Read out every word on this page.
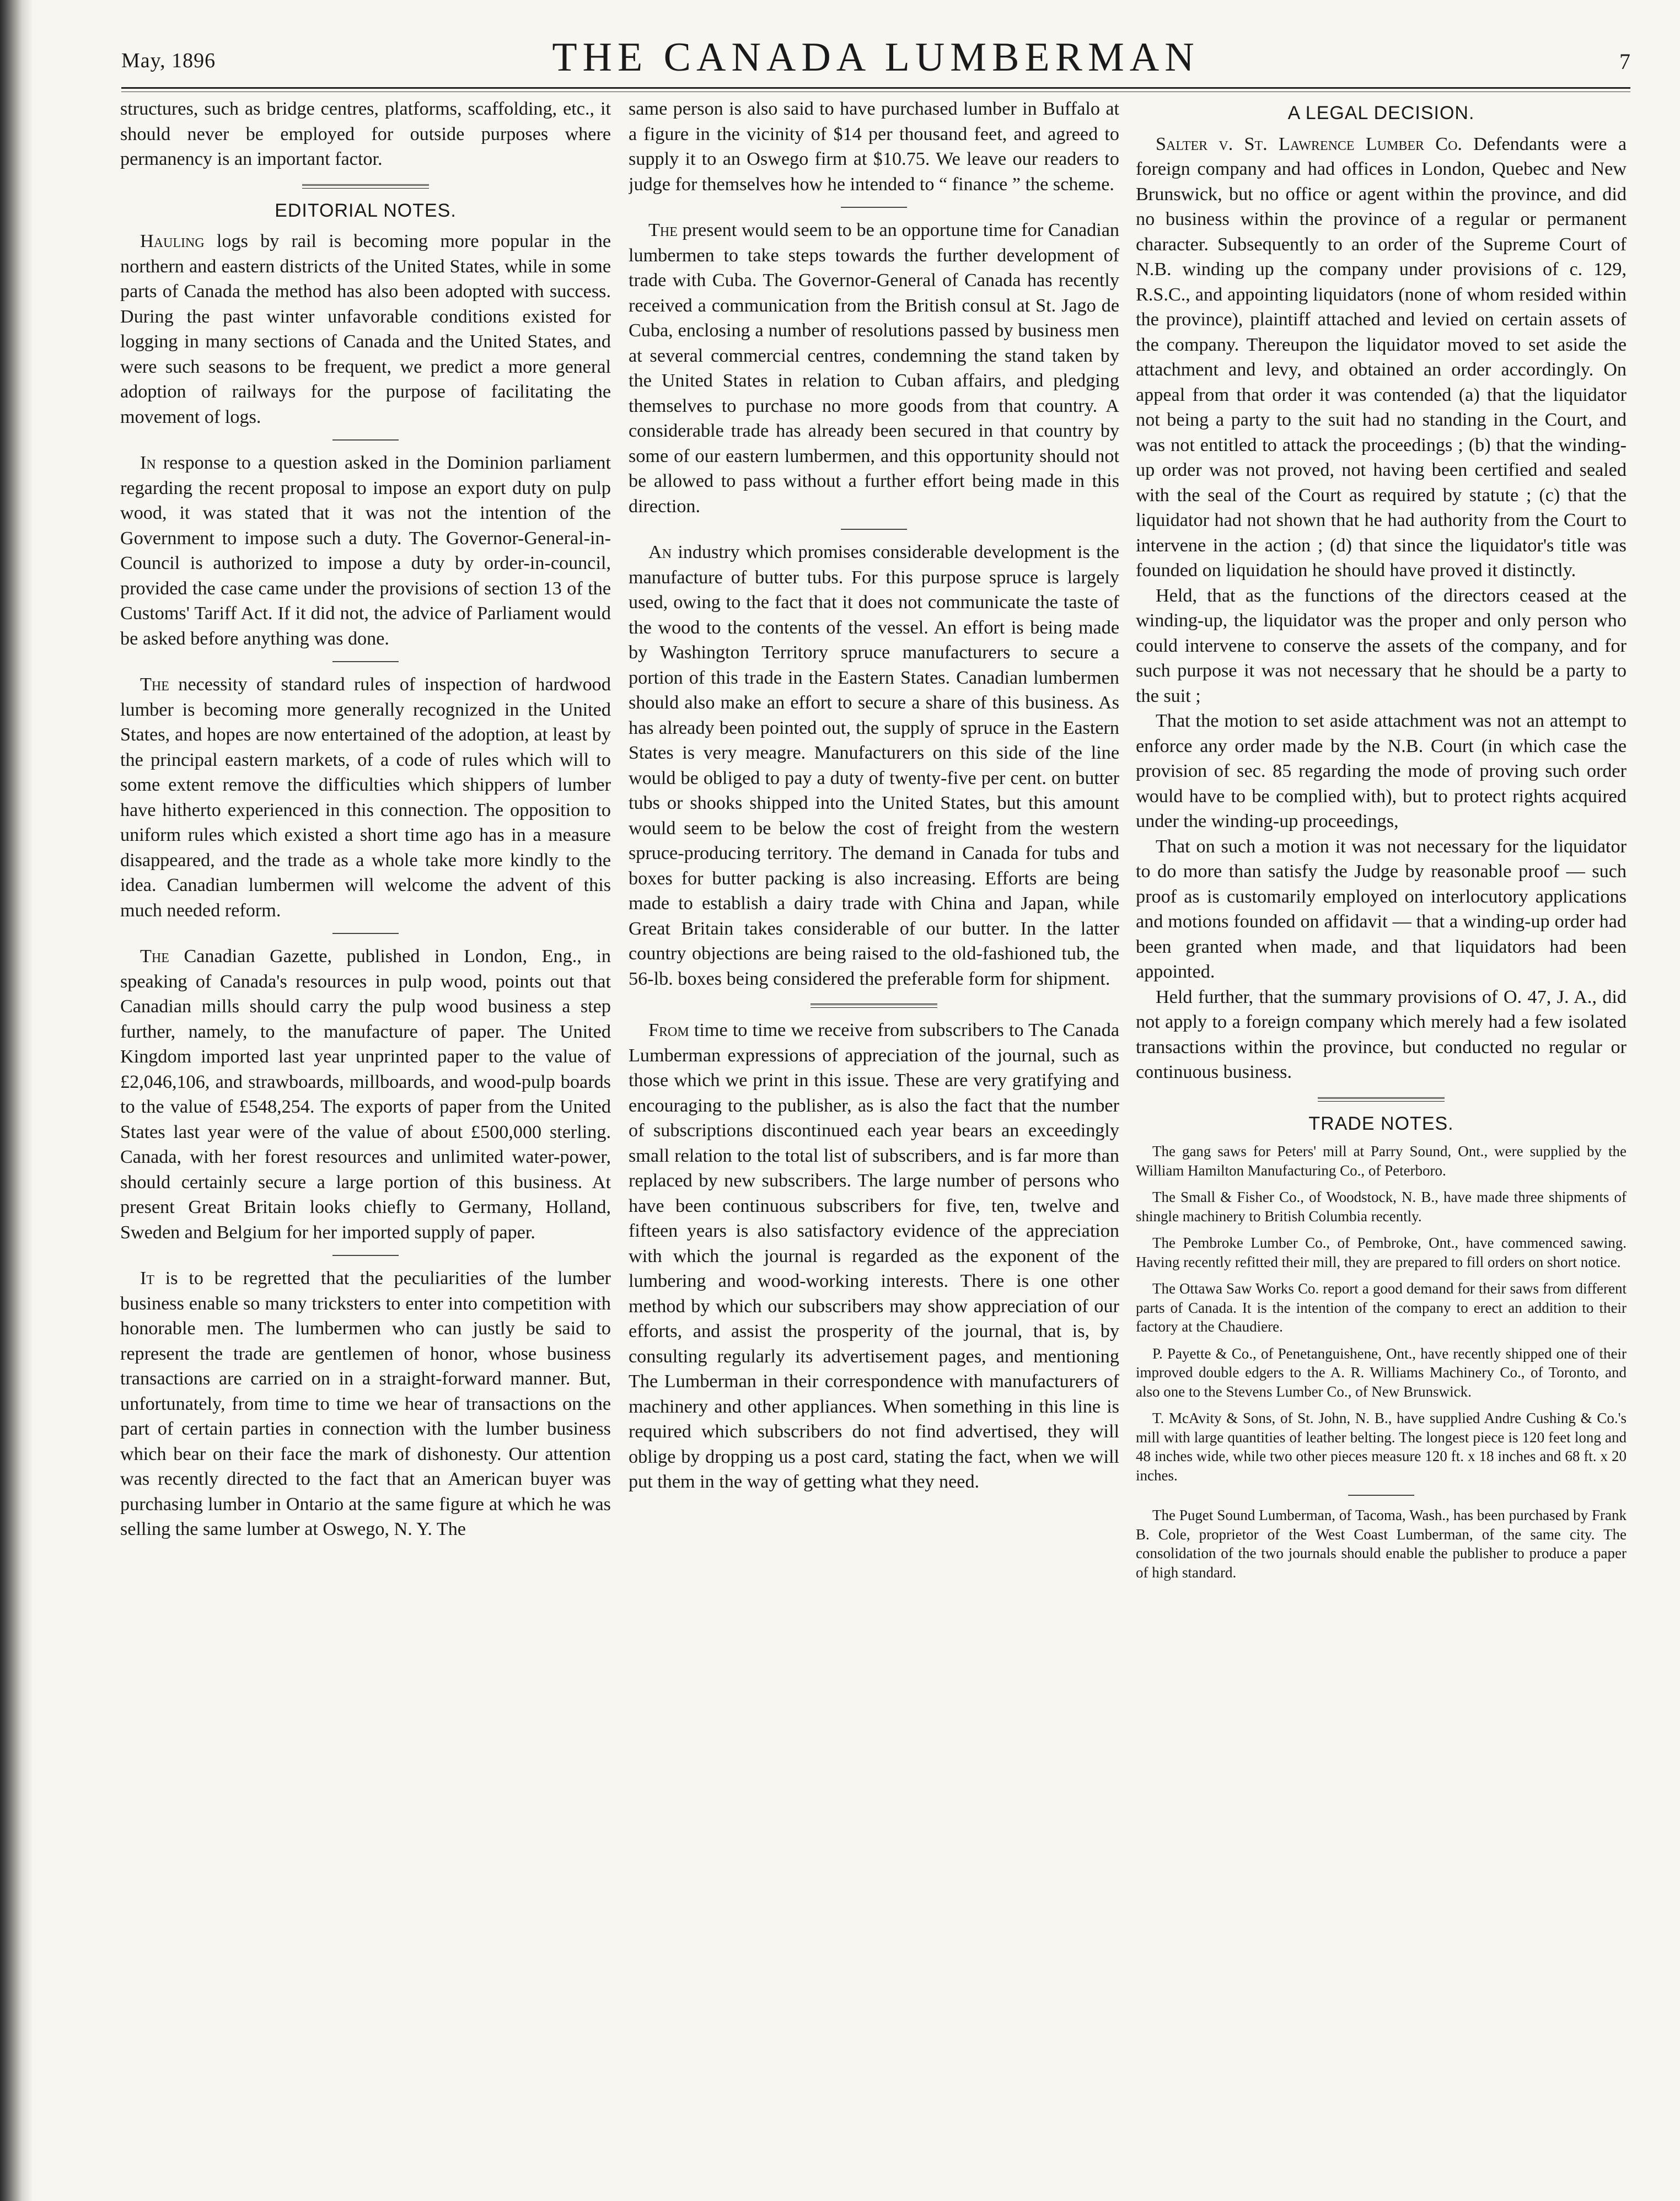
May, 1896	THE CANADA LUMBERMAN	7

structures, such as bridge centres, platforms, scaffolding, etc., it should never be employed for outside purposes where permanency is an important factor.

EDITORIAL NOTES.

Hauling logs by rail is becoming more popular in the northern and eastern districts of the United States, while in some parts of Canada the method has also been adopted with success. During the past winter unfavorable conditions existed for logging in many sections of Canada and the United States, and were such seasons to be frequent, we predict a more general adoption of railways for the purpose of facilitating the movement of logs.

In response to a question asked in the Dominion parliament regarding the recent proposal to impose an export duty on pulp wood, it was stated that it was not the intention of the Government to impose such a duty. The Governor-General-in-Council is authorized to impose a duty by order-in-council, provided the case came under the provisions of section 13 of the Customs' Tariff Act. If it did not, the advice of Parliament would be asked before anything was done.

The necessity of standard rules of inspection of hardwood lumber is becoming more generally recognized in the United States, and hopes are now entertained of the adoption, at least by the principal eastern markets, of a code of rules which will to some extent remove the difficulties which shippers of lumber have hitherto experienced in this connection. The opposition to uniform rules which existed a short time ago has in a measure disappeared, and the trade as a whole take more kindly to the idea. Canadian lumbermen will welcome the advent of this much needed reform.

The Canadian Gazette, published in London, Eng., in speaking of Canada's resources in pulp wood, points out that Canadian mills should carry the pulp wood business a step further, namely, to the manufacture of paper. The United Kingdom imported last year unprinted paper to the value of £2,046,106, and strawboards, millboards, and wood-pulp boards to the value of £548,254. The exports of paper from the United States last year were of the value of about £500,000 sterling. Canada, with her forest resources and unlimited water-power, should certainly secure a large portion of this business. At present Great Britain looks chiefly to Germany, Holland, Sweden and Belgium for her imported supply of paper.

It is to be regretted that the peculiarities of the lumber business enable so many tricksters to enter into competition with honorable men. The lumbermen who can justly be said to represent the trade are gentlemen of honor, whose business transactions are carried on in a straight-forward manner. But, unfortunately, from time to time we hear of transactions on the part of certain parties in connection with the lumber business which bear on their face the mark of dishonesty. Our attention was recently directed to the fact that an American buyer was purchasing lumber in Ontario at the same figure at which he was selling the same lumber at Oswego, N. Y. The

same person is also said to have purchased lumber in Buffalo at a figure in the vicinity of $14 per thousand feet, and agreed to supply it to an Oswego firm at $10.75. We leave our readers to judge for themselves how he intended to “ finance ” the scheme.

The present would seem to be an opportune time for Canadian lumbermen to take steps towards the further development of trade with Cuba. The Governor-General of Canada has recently received a communication from the British consul at St. Jago de Cuba, enclosing a number of resolutions passed by business men at several commercial centres, condemning the stand taken by the United States in relation to Cuban affairs, and pledging themselves to purchase no more goods from that country. A considerable trade has already been secured in that country by some of our eastern lumbermen, and this opportunity should not be allowed to pass without a further effort being made in this direction.

An industry which promises considerable development is the manufacture of butter tubs. For this purpose spruce is largely used, owing to the fact that it does not communicate the taste of the wood to the contents of the vessel. An effort is being made by Washington Territory spruce manufacturers to secure a portion of this trade in the Eastern States. Canadian lumbermen should also make an effort to secure a share of this business. As has already been pointed out, the supply of spruce in the Eastern States is very meagre. Manufacturers on this side of the line would be obliged to pay a duty of twenty-five per cent. on butter tubs or shooks shipped into the United States, but this amount would seem to be below the cost of freight from the western spruce-producing territory. The demand in Canada for tubs and boxes for butter packing is also increasing. Efforts are being made to establish a dairy trade with China and Japan, while Great Britain takes considerable of our butter. In the latter country objections are being raised to the old-fashioned tub, the 56-lb. boxes being considered the preferable form for shipment.

From time to time we receive from subscribers to The Canada Lumberman expressions of appreciation of the journal, such as those which we print in this issue. These are very gratifying and encouraging to the publisher, as is also the fact that the number of subscriptions discontinued each year bears an exceedingly small relation to the total list of subscribers, and is far more than replaced by new subscribers. The large number of persons who have been continuous subscribers for five, ten, twelve and fifteen years is also satisfactory evidence of the appreciation with which the journal is regarded as the exponent of the lumbering and wood-working interests. There is one other method by which our subscribers may show appreciation of our efforts, and assist the prosperity of the journal, that is, by consulting regularly its advertisement pages, and mentioning The Lumberman in their correspondence with manufacturers of machinery and other appliances. When something in this line is required which subscribers do not find advertised, they will oblige by dropping us a post card, stating the fact, when we will put them in the way of getting what they need.

A LEGAL DECISION.

Salter v. St. Lawrence Lumber Co. Defendants were a foreign company and had offices in London, Quebec and New Brunswick, but no office or agent within the province, and did no business within the province of a regular or permanent character. Subsequently to an order of the Supreme Court of N.B. winding up the company under provisions of c. 129, R.S.C., and appointing liquidators (none of whom resided within the province), plaintiff attached and levied on certain assets of the company. Thereupon the liquidator moved to set aside the attachment and levy, and obtained an order accordingly. On appeal from that order it was contended (a) that the liquidator not being a party to the suit had no standing in the Court, and was not entitled to attack the proceedings ; (b) that the winding-up order was not proved, not having been certified and sealed with the seal of the Court as required by statute ; (c) that the liquidator had not shown that he had authority from the Court to intervene in the action ; (d) that since the liquidator's title was founded on liquidation he should have proved it distinctly.

Held, that as the functions of the directors ceased at the winding-up, the liquidator was the proper and only person who could intervene to conserve the assets of the company, and for such purpose it was not necessary that he should be a party to the suit ;

That the motion to set aside attachment was not an attempt to enforce any order made by the N.B. Court (in which case the provision of sec. 85 regarding the mode of proving such order would have to be complied with), but to protect rights acquired under the winding-up proceedings,

That on such a motion it was not necessary for the liquidator to do more than satisfy the Judge by reasonable proof — such proof as is customarily employed on interlocutory applications and motions founded on affidavit — that a winding-up order had been granted when made, and that liquidators had been appointed.

Held further, that the summary provisions of O. 47, J. A., did not apply to a foreign company which merely had a few isolated transactions within the province, but conducted no regular or continuous business.

TRADE NOTES.

The gang saws for Peters' mill at Parry Sound, Ont., were supplied by the William Hamilton Manufacturing Co., of Peterboro.

The Small & Fisher Co., of Woodstock, N. B., have made three shipments of shingle machinery to British Columbia recently.

The Pembroke Lumber Co., of Pembroke, Ont., have commenced sawing. Having recently refitted their mill, they are prepared to fill orders on short notice.

The Ottawa Saw Works Co. report a good demand for their saws from different parts of Canada. It is the intention of the company to erect an addition to their factory at the Chaudiere.

P. Payette & Co., of Penetanguishene, Ont., have recently shipped one of their improved double edgers to the A. R. Williams Machinery Co., of Toronto, and also one to the Stevens Lumber Co., of New Brunswick.

T. McAvity & Sons, of St. John, N. B., have supplied Andre Cushing & Co.'s mill with large quantities of leather belting. The longest piece is 120 feet long and 48 inches wide, while two other pieces measure 120 ft. x 18 inches and 68 ft. x 20 inches.

The Puget Sound Lumberman, of Tacoma, Wash., has been purchased by Frank B. Cole, proprietor of the West Coast Lumberman, of the same city. The consolidation of the two journals should enable the publisher to produce a paper of high standard.
